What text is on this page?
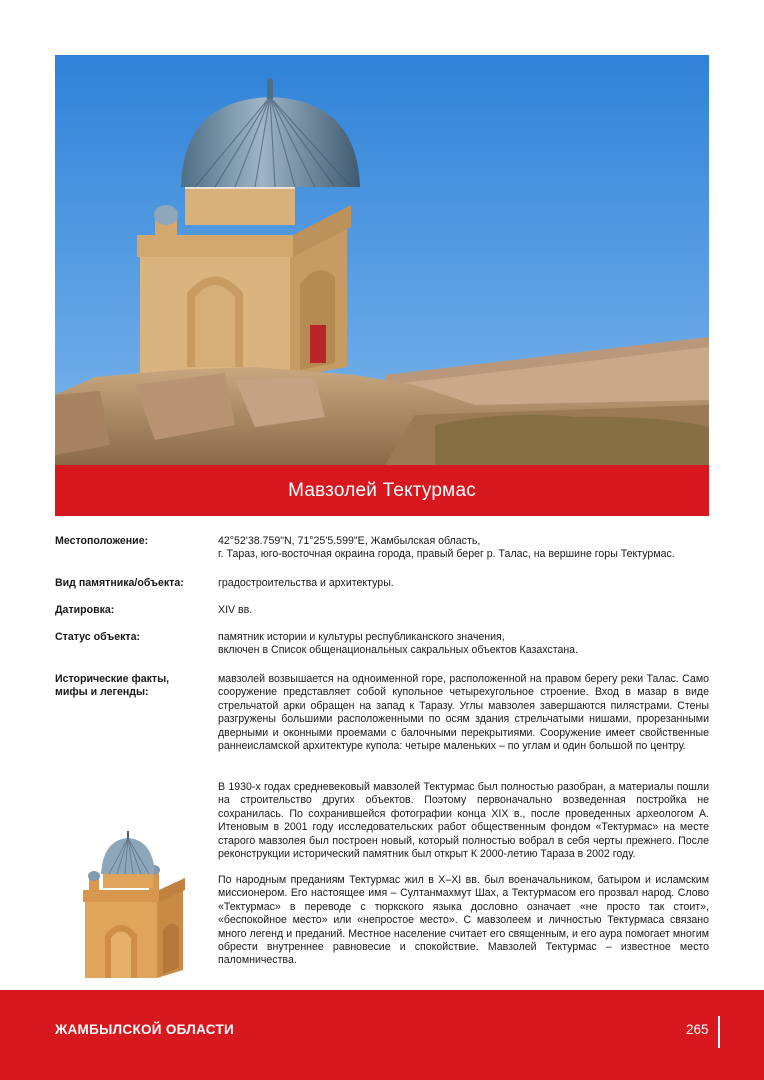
Мавзолей Тектурмас
Местоположение:	42°52'38.759"N, 71°25'5.599"E, Жамбылская область,
г. Тараз, юго-восточная окраина города, правый берег р. Талас, на вершине горы Тектурмас.
Вид памятника/объекта:	градостроительства и архитектуры.
Датировка:	XIV вв.
Статус объекта:	памятник истории и культуры республиканского значения,
включен в Список общенациональных сакральных объектов Казахстана.
Исторические факты,
мифы и легенды:

мавзолей возвышается на одноименной горе, расположенной на правом берегу реки Талас. Само сооружение представляет собой купольное четырехугольное строение. Вход в мазар в виде стрельчатой арки обращен на запад к Таразу. Углы мавзолея завершаются пилястрами. Стены разгружены большими расположенными по осям здания стрельчатыми нишами, прорезанными дверными и оконными проемами с балочными перекрытиями. Сооружение имеет свойственные раннеисламской архитектуре купола: четыре маленьких – по углам и один большой по центру.

В 1930-х годах средневековый мавзолей Тектурмас был полностью разобран, а материалы пошли на строительство других объектов. Поэтому первоначально возведенная постройка не сохранилась. По сохранившейся фотографии конца XIX в., после проведенных археологом А. Итеновым в 2001 году исследовательских работ общественным фондом «Тектурмас» на месте старого мавзолея был построен новый, который полностью вобрал в себя черты прежнего. После реконструкции исторический памятник был открыт К 2000-летию Тараза в 2002 году.

По народным преданиям Тектурмас жил в X–XI вв. был военачальником, батыром и исламским миссионером. Его настоящее имя – Султанмахмут Шах, а Тектурмасом его прозвал народ. Слово «Тектурмас» в переводе с тюркского языка дословно означает «не просто так стоит», «беспокойное место» или «непростое место». С мавзолеем и личностью Тектурмаса связано много легенд и преданий. Местное население считает его священным, и его аура помогает многим обрести внутреннее равновесие и спокойствие. Мавзолей Тектурмас – известное место паломничества.

ЖАМБЫЛСКОЙ ОБЛАСТИ	265
